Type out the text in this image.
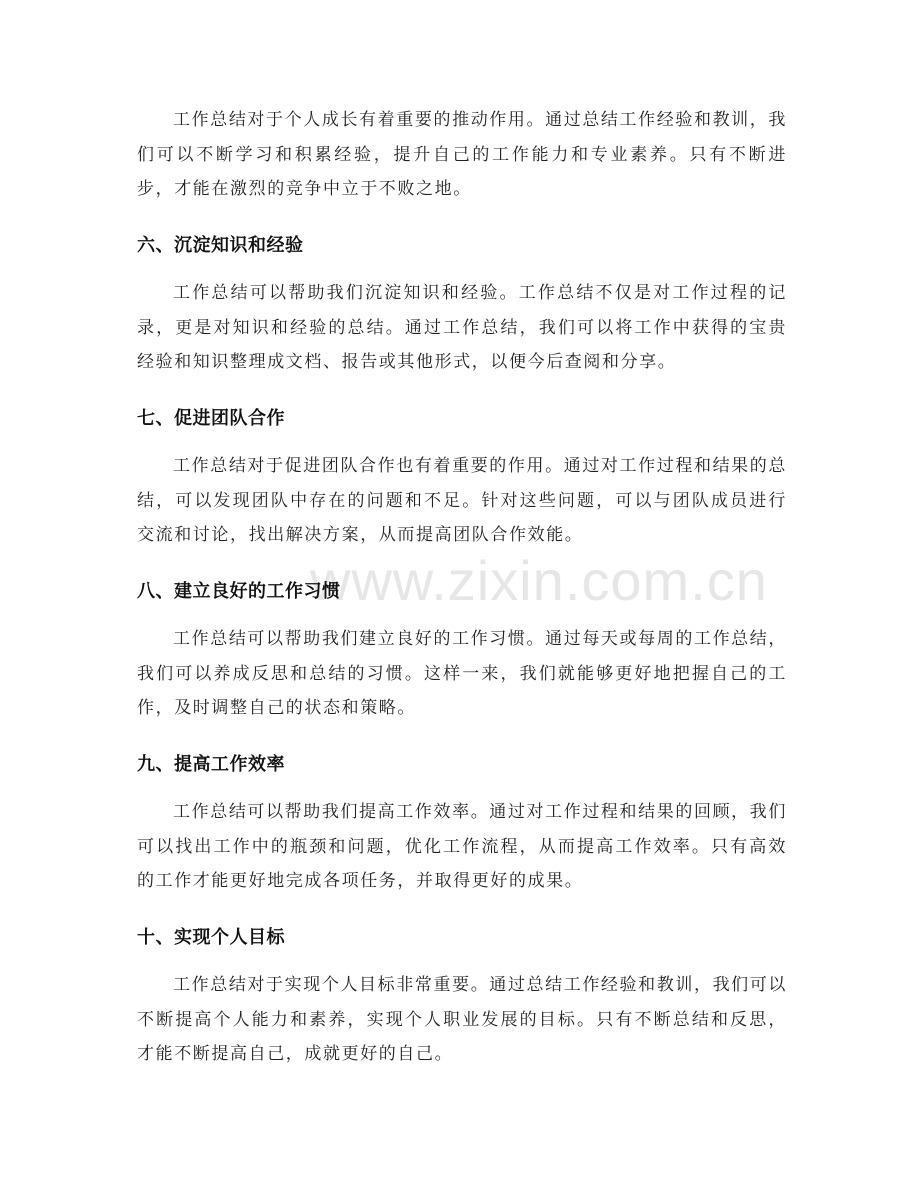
www.zixin.com.cn

工作总结对于个人成长有着重要的推动作用。通过总结工作经验和教训，我们可以不断学习和积累经验，提升自己的工作能力和专业素养。只有不断进步，才能在激烈的竞争中立于不败之地。

六、沉淀知识和经验

工作总结可以帮助我们沉淀知识和经验。工作总结不仅是对工作过程的记录，更是对知识和经验的总结。通过工作总结，我们可以将工作中获得的宝贵经验和知识整理成文档、报告或其他形式，以便今后查阅和分享。

七、促进团队合作

工作总结对于促进团队合作也有着重要的作用。通过对工作过程和结果的总结，可以发现团队中存在的问题和不足。针对这些问题，可以与团队成员进行交流和讨论，找出解决方案，从而提高团队合作效能。

八、建立良好的工作习惯

工作总结可以帮助我们建立良好的工作习惯。通过每天或每周的工作总结，我们可以养成反思和总结的习惯。这样一来，我们就能够更好地把握自己的工作，及时调整自己的状态和策略。

九、提高工作效率

工作总结可以帮助我们提高工作效率。通过对工作过程和结果的回顾，我们可以找出工作中的瓶颈和问题，优化工作流程，从而提高工作效率。只有高效的工作才能更好地完成各项任务，并取得更好的成果。

十、实现个人目标

工作总结对于实现个人目标非常重要。通过总结工作经验和教训，我们可以不断提高个人能力和素养，实现个人职业发展的目标。只有不断总结和反思，才能不断提高自己，成就更好的自己。
